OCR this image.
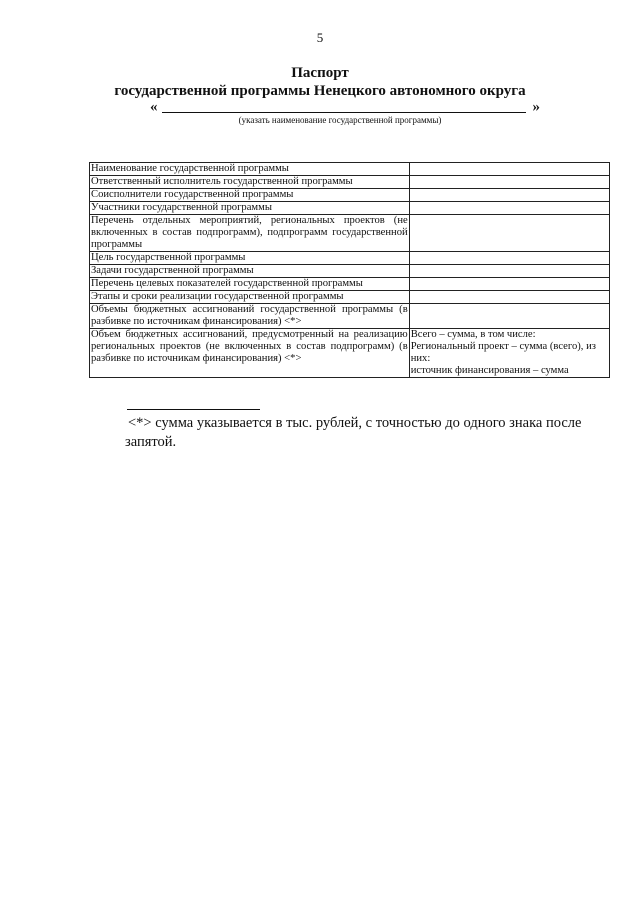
5
Паспорт
государственной программы Ненецкого автономного округа
«	»
(указать наименование государственной программы)
Наименование государственной программы	
Ответственный исполнитель государственной программы	
Соисполнители государственной программы	
Участники государственной программы	
Перечень отдельных мероприятий, региональных проектов (не включенных в состав подпрограмм), подпрограмм государственной программы	
Цель государственной программы	
Задачи государственной программы	
Перечень целевых показателей государственной программы	
Этапы и сроки реализации государственной программы	
Объемы бюджетных ассигнований государственной программы (в разбивке по источникам финансирования) <*>	
Объем бюджетных ассигнований, предусмотренный на реализацию региональных проектов (не включенных в состав подпрограмм) (в разбивке по источникам финансирования) <*>	Всего – сумма, в том числе:
Региональный проект – сумма (всего), из них:
источник финансирования – сумма
<*> сумма указывается в тыс. рублей, с точностью до одного знака после
запятой.
